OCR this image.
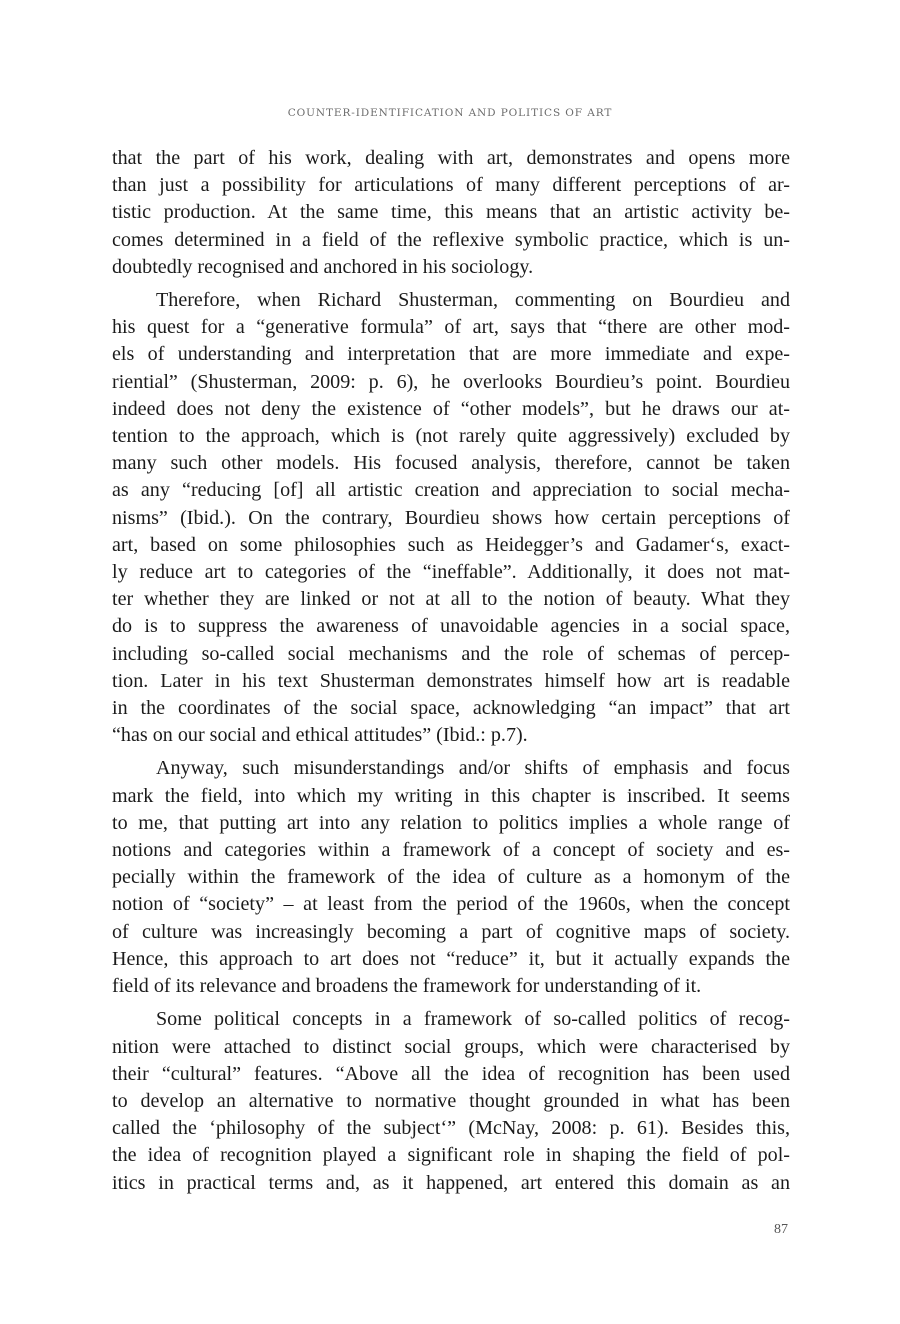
COUNTER-IDENTIFICATION AND POLITICS OF ART

that the part of his work, dealing with art, demonstrates and opens more
than just a possibility for articulations of many different perceptions of ar-
tistic production. At the same time, this means that an artistic activity be-
comes determined in a field of the reflexive symbolic practice, which is un-
doubtedly recognised and anchored in his sociology.

Therefore, when Richard Shusterman, commenting on Bourdieu and
his quest for a “generative formula” of art, says that “there are other mod-
els of understanding and interpretation that are more immediate and expe-
riential” (Shusterman, 2009: p. 6), he overlooks Bourdieu’s point. Bourdieu
indeed does not deny the existence of “other models”, but he draws our at-
tention to the approach, which is (not rarely quite aggressively) excluded by
many such other models. His focused analysis, therefore, cannot be taken
as any “reducing [of] all artistic creation and appreciation to social mecha-
nisms” (Ibid.). On the contrary, Bourdieu shows how certain perceptions of
art, based on some philosophies such as Heidegger’s and Gadamer‘s, exact-
ly reduce art to categories of the “ineffable”. Additionally, it does not mat-
ter whether they are linked or not at all to the notion of beauty. What they
do is to suppress the awareness of unavoidable agencies in a social space,
including so-called social mechanisms and the role of schemas of percep-
tion. Later in his text Shusterman demonstrates himself how art is readable
in the coordinates of the social space, acknowledging “an impact” that art
“has on our social and ethical attitudes” (Ibid.: p.7).

Anyway, such misunderstandings and/or shifts of emphasis and focus
mark the field, into which my writing in this chapter is inscribed. It seems
to me, that putting art into any relation to politics implies a whole range of
notions and categories within a framework of a concept of society and es-
pecially within the framework of the idea of culture as a homonym of the
notion of “society” – at least from the period of the 1960s, when the concept
of culture was increasingly becoming a part of cognitive maps of society.
Hence, this approach to art does not “reduce” it, but it actually expands the
field of its relevance and broadens the framework for understanding of it.

Some political concepts in a framework of so-called politics of recog-
nition were attached to distinct social groups, which were characterised by
their “cultural” features. “Above all the idea of recognition has been used
to develop an alternative to normative thought grounded in what has been
called the ‘philosophy of the subject‘” (McNay, 2008: p. 61). Besides this,
the idea of recognition played a significant role in shaping the field of pol-
itics in practical terms and, as it happened, art entered this domain as an

87
